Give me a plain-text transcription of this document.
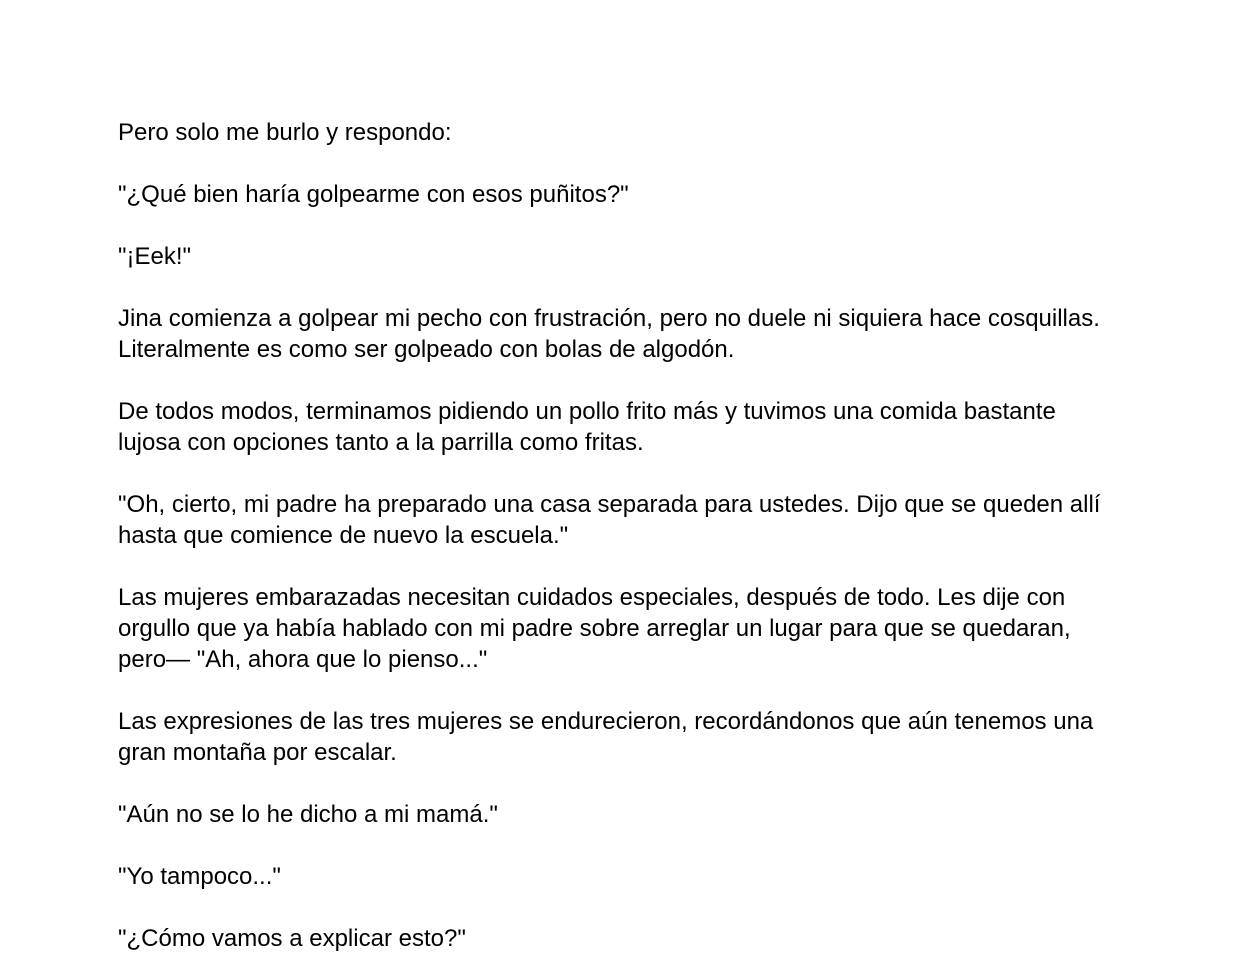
Pero solo me burlo y respondo:

"¿Qué bien haría golpearme con esos puñitos?"

"¡Eek!"

Jina comienza a golpear mi pecho con frustración, pero no duele ni siquiera hace cosquillas. Literalmente es como ser golpeado con bolas de algodón.

De todos modos, terminamos pidiendo un pollo frito más y tuvimos una comida bastante lujosa con opciones tanto a la parrilla como fritas.

"Oh, cierto, mi padre ha preparado una casa separada para ustedes. Dijo que se queden allí hasta que comience de nuevo la escuela."

Las mujeres embarazadas necesitan cuidados especiales, después de todo. Les dije con orgullo que ya había hablado con mi padre sobre arreglar un lugar para que se quedaran, pero— "Ah, ahora que lo pienso..."

Las expresiones de las tres mujeres se endurecieron, recordándonos que aún tenemos una gran montaña por escalar.

"Aún no se lo he dicho a mi mamá."

"Yo tampoco..."

"¿Cómo vamos a explicar esto?"
